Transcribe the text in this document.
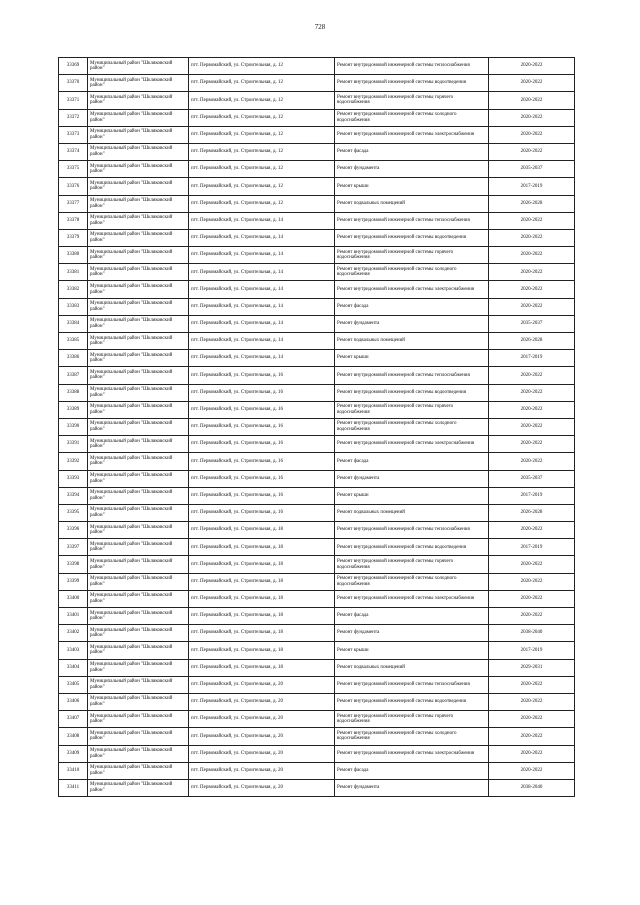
728
33369	Муниципальный район "Шкляковский район"	пгт. Первомайский, ул. Строительная, д. 12	Ремонт внутридомовой инженерной системы теплоснабжения	2020-2022
33370	Муниципальный район "Шкляковский район"	пгт. Первомайский, ул. Строительная, д. 12	Ремонт внутридомовой инженерной системы водоотведения	2020-2022
33371	Муниципальный район "Шкляковский район"	пгт. Первомайский, ул. Строительная, д. 12	Ремонт внутридомовой инженерной системы горячего водоснабжения	2020-2022
33372	Муниципальный район "Шкляковский район"	пгт. Первомайский, ул. Строительная, д. 12	Ремонт внутридомовой инженерной системы холодного водоснабжения	2020-2022
33373	Муниципальный район "Шкляковский район"	пгт. Первомайский, ул. Строительная, д. 12	Ремонт внутридомовой инженерной системы электроснабжения	2020-2022
33374	Муниципальный район "Шкляковский район"	пгт. Первомайский, ул. Строительная, д. 12	Ремонт фасада	2020-2022
33375	Муниципальный район "Шкляковский район"	пгт. Первомайский, ул. Строительная, д. 12	Ремонт фундамента	2035-2037
33376	Муниципальный район "Шкляковский район"	пгт. Первомайский, ул. Строительная, д. 12	Ремонт крыши	2017-2019
33377	Муниципальный район "Шкляковский район"	пгт. Первомайский, ул. Строительная, д. 12	Ремонт подвальных помещений	2026-2028
33378	Муниципальный район "Шкляковский район"	пгт. Первомайский, ул. Строительная, д. 14	Ремонт внутридомовой инженерной системы теплоснабжения	2020-2022
33379	Муниципальный район "Шкляковский район"	пгт. Первомайский, ул. Строительная, д. 14	Ремонт внутридомовой инженерной системы водоотведения	2020-2022
33380	Муниципальный район "Шкляковский район"	пгт. Первомайский, ул. Строительная, д. 14	Ремонт внутридомовой инженерной системы горячего водоснабжения	2020-2022
33381	Муниципальный район "Шкляковский район"	пгт. Первомайский, ул. Строительная, д. 14	Ремонт внутридомовой инженерной системы холодного водоснабжения	2020-2022
33382	Муниципальный район "Шкляковский район"	пгт. Первомайский, ул. Строительная, д. 14	Ремонт внутридомовой инженерной системы электроснабжения	2020-2022
33383	Муниципальный район "Шкляковский район"	пгт. Первомайский, ул. Строительная, д. 14	Ремонт фасада	2020-2022
33384	Муниципальный район "Шкляковский район"	пгт. Первомайский, ул. Строительная, д. 14	Ремонт фундамента	2035-2037
33385	Муниципальный район "Шкляковский район"	пгт. Первомайский, ул. Строительная, д. 14	Ремонт подвальных помещений	2026-2028
33386	Муниципальный район "Шкляковский район"	пгт. Первомайский, ул. Строительная, д. 14	Ремонт крыши	2017-2019
33387	Муниципальный район "Шкляковский район"	пгт. Первомайский, ул. Строительная, д. 16	Ремонт внутридомовой инженерной системы теплоснабжения	2020-2022
33388	Муниципальный район "Шкляковский район"	пгт. Первомайский, ул. Строительная, д. 16	Ремонт внутридомовой инженерной системы водоотведения	2020-2022
33389	Муниципальный район "Шкляковский район"	пгт. Первомайский, ул. Строительная, д. 16	Ремонт внутридомовой инженерной системы горячего водоснабжения	2020-2022
33390	Муниципальный район "Шкляковский район"	пгт. Первомайский, ул. Строительная, д. 16	Ремонт внутридомовой инженерной системы холодного водоснабжения	2020-2022
33391	Муниципальный район "Шкляковский район"	пгт. Первомайский, ул. Строительная, д. 16	Ремонт внутридомовой инженерной системы электроснабжения	2020-2022
33392	Муниципальный район "Шкляковский район"	пгт. Первомайский, ул. Строительная, д. 16	Ремонт фасада	2020-2022
33393	Муниципальный район "Шкляковский район"	пгт. Первомайский, ул. Строительная, д. 16	Ремонт фундамента	2035-2037
33394	Муниципальный район "Шкляковский район"	пгт. Первомайский, ул. Строительная, д. 16	Ремонт крыши	2017-2019
33395	Муниципальный район "Шкляковский район"	пгт. Первомайский, ул. Строительная, д. 16	Ремонт подвальных помещений	2026-2028
33396	Муниципальный район "Шкляковский район"	пгт. Первомайский, ул. Строительная, д. 18	Ремонт внутридомовой инженерной системы теплоснабжения	2020-2022
33397	Муниципальный район "Шкляковский район"	пгт. Первомайский, ул. Строительная, д. 18	Ремонт внутридомовой инженерной системы водоотведения	2017-2019
33398	Муниципальный район "Шкляковский район"	пгт. Первомайский, ул. Строительная, д. 18	Ремонт внутридомовой инженерной системы горячего водоснабжения	2020-2022
33399	Муниципальный район "Шкляковский район"	пгт. Первомайский, ул. Строительная, д. 18	Ремонт внутридомовой инженерной системы холодного водоснабжения	2020-2022
33400	Муниципальный район "Шкляковский район"	пгт. Первомайский, ул. Строительная, д. 18	Ремонт внутридомовой инженерной системы электроснабжения	2020-2022
33401	Муниципальный район "Шкляковский район"	пгт. Первомайский, ул. Строительная, д. 18	Ремонт фасада	2020-2022
33402	Муниципальный район "Шкляковский район"	пгт. Первомайский, ул. Строительная, д. 18	Ремонт фундамента	2038-2040
33403	Муниципальный район "Шкляковский район"	пгт. Первомайский, ул. Строительная, д. 18	Ремонт крыши	2017-2019
33404	Муниципальный район "Шкляковский район"	пгт. Первомайский, ул. Строительная, д. 18	Ремонт подвальных помещений	2029-2031
33405	Муниципальный район "Шкляковский район"	пгт. Первомайский, ул. Строительная, д. 20	Ремонт внутридомовой инженерной системы теплоснабжения	2020-2022
33406	Муниципальный район "Шкляковский район"	пгт. Первомайский, ул. Строительная, д. 20	Ремонт внутридомовой инженерной системы водоотведения	2020-2022
33407	Муниципальный район "Шкляковский район"	пгт. Первомайский, ул. Строительная, д. 20	Ремонт внутридомовой инженерной системы горячего водоснабжения	2020-2022
33408	Муниципальный район "Шкляковский район"	пгт. Первомайский, ул. Строительная, д. 20	Ремонт внутридомовой инженерной системы холодного водоснабжения	2020-2022
33409	Муниципальный район "Шкляковский район"	пгт. Первомайский, ул. Строительная, д. 20	Ремонт внутридомовой инженерной системы электроснабжения	2020-2022
33410	Муниципальный район "Шкляковский район"	пгт. Первомайский, ул. Строительная, д. 20	Ремонт фасада	2020-2022
33411	Муниципальный район "Шкляковский район"	пгт. Первомайский, ул. Строительная, д. 20	Ремонт фундамента	2038-2040
